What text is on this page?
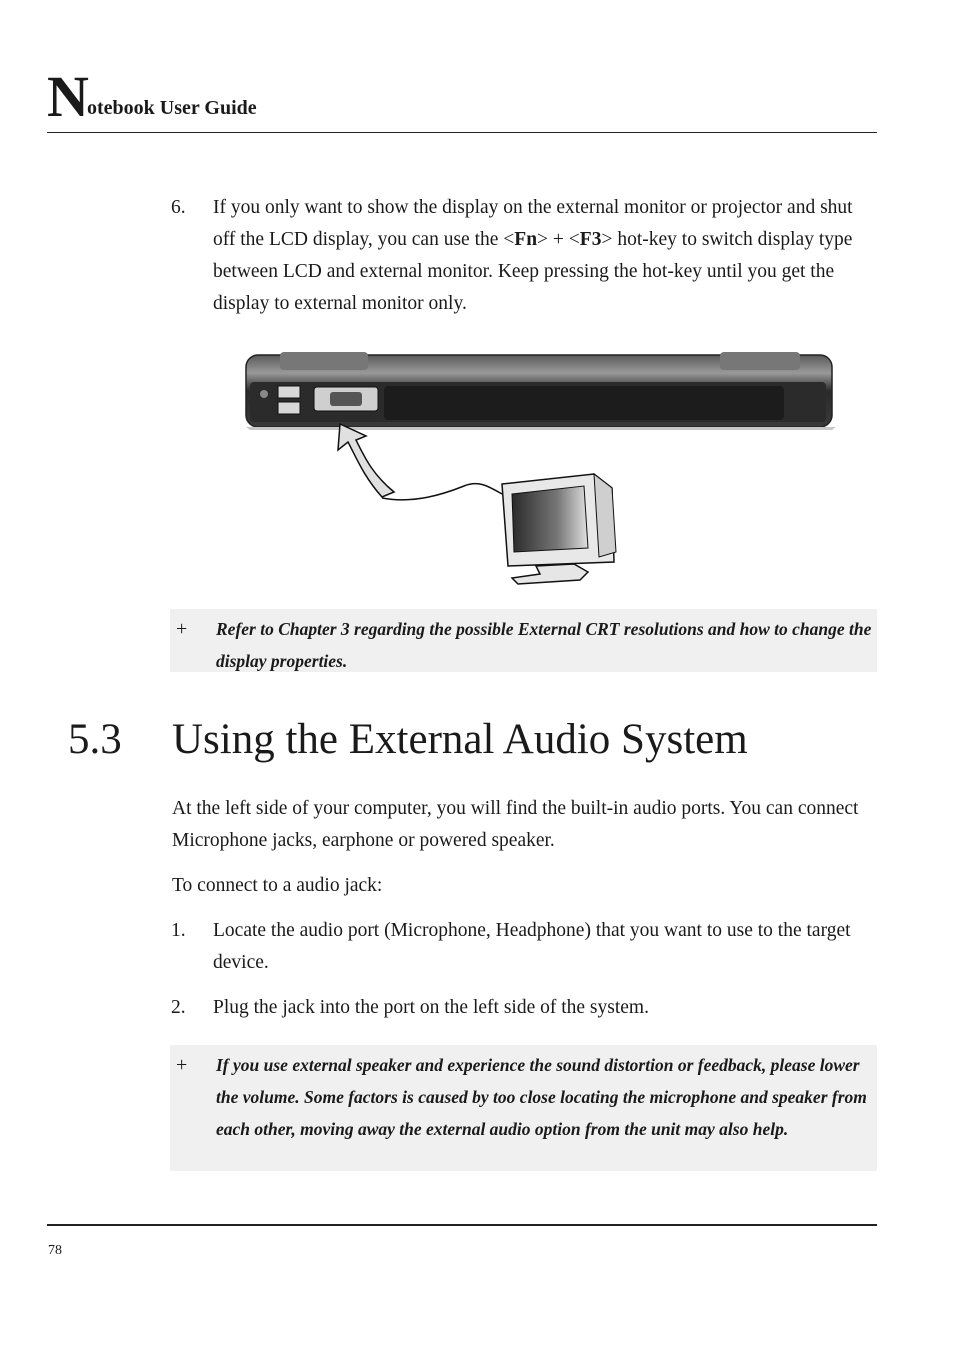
N
otebook User Guide
6. If you only want to show the display on the external monitor or projector and shut off the LCD display, you can use the <Fn> + <F3> hot-key to switch display type between LCD and external monitor. Keep pressing the hot-key until you get the display to external monitor only.
+ Refer to Chapter 3 regarding the possible External CRT resolutions and how to change the display properties.
5.3 Using the External Audio System
At the left side of your computer, you will find the built-in audio ports. You can connect Microphone jacks, earphone or powered speaker.
To connect to a audio jack:
1. Locate the audio port (Microphone, Headphone) that you want to use to the target device.
2. Plug the jack into the port on the left side of the system.
+ If you use external speaker and experience the sound distortion or feedback, please lower the volume. Some factors is caused by too close locating the microphone and speaker from each other, moving away the external audio option from the unit may also help.
78
